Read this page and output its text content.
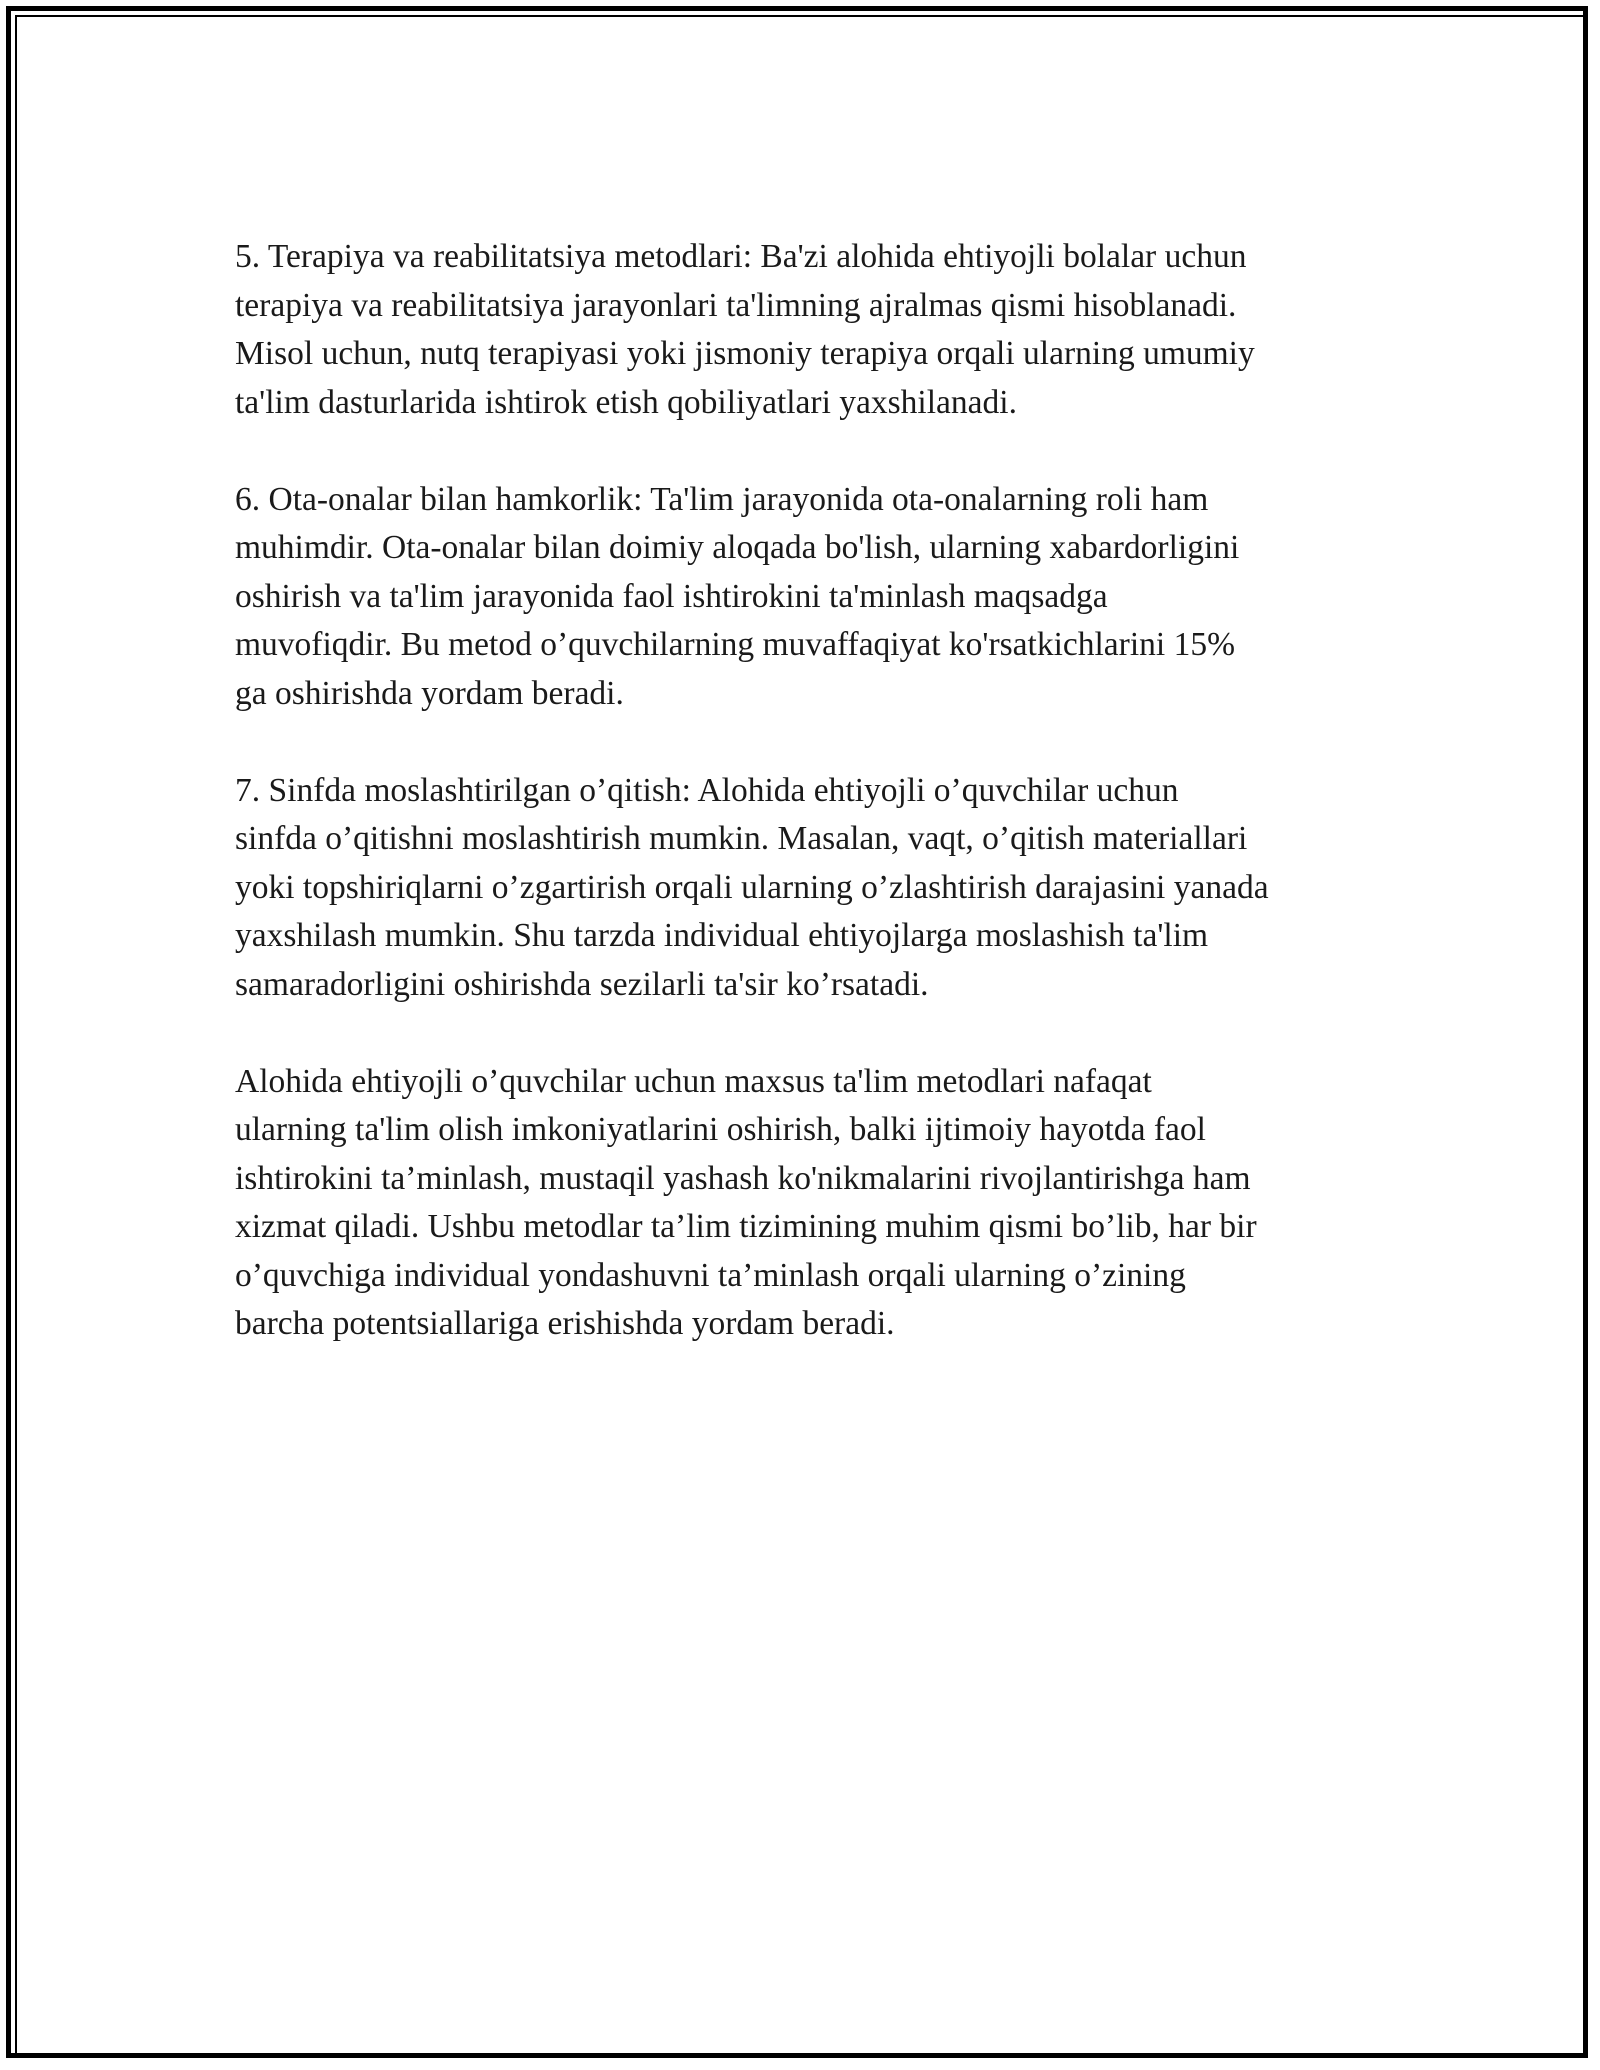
5. Terapiya va reabilitatsiya metodlari: Ba'zi alohida ehtiyojli bolalar uchun
terapiya va reabilitatsiya jarayonlari ta'limning ajralmas qismi hisoblanadi.
Misol uchun, nutq terapiyasi yoki jismoniy terapiya orqali ularning umumiy
ta'lim dasturlarida ishtirok etish qobiliyatlari yaxshilanadi.

6. Ota-onalar bilan hamkorlik: Ta'lim jarayonida ota-onalarning roli ham
muhimdir. Ota-onalar bilan doimiy aloqada bo'lish, ularning xabardorligini
oshirish va ta'lim jarayonida faol ishtirokini ta'minlash maqsadga
muvofiqdir. Bu metod o’quvchilarning muvaffaqiyat ko'rsatkichlarini 15%
ga oshirishda yordam beradi.

7. Sinfda moslashtirilgan o’qitish: Alohida ehtiyojli o’quvchilar uchun
sinfda o’qitishni moslashtirish mumkin. Masalan, vaqt, o’qitish materiallari
yoki topshiriqlarni o’zgartirish orqali ularning o’zlashtirish darajasini yanada
yaxshilash mumkin. Shu tarzda individual ehtiyojlarga moslashish ta'lim
samaradorligini oshirishda sezilarli ta'sir ko’rsatadi.

Alohida ehtiyojli o’quvchilar uchun maxsus ta'lim metodlari nafaqat
ularning ta'lim olish imkoniyatlarini oshirish, balki ijtimoiy hayotda faol
ishtirokini ta’minlash, mustaqil yashash ko'nikmalarini rivojlantirishga ham
xizmat qiladi. Ushbu metodlar ta’lim tizimining muhim qismi bo’lib, har bir
o’quvchiga individual yondashuvni ta’minlash orqali ularning o’zining
barcha potentsiallariga erishishda yordam beradi.
